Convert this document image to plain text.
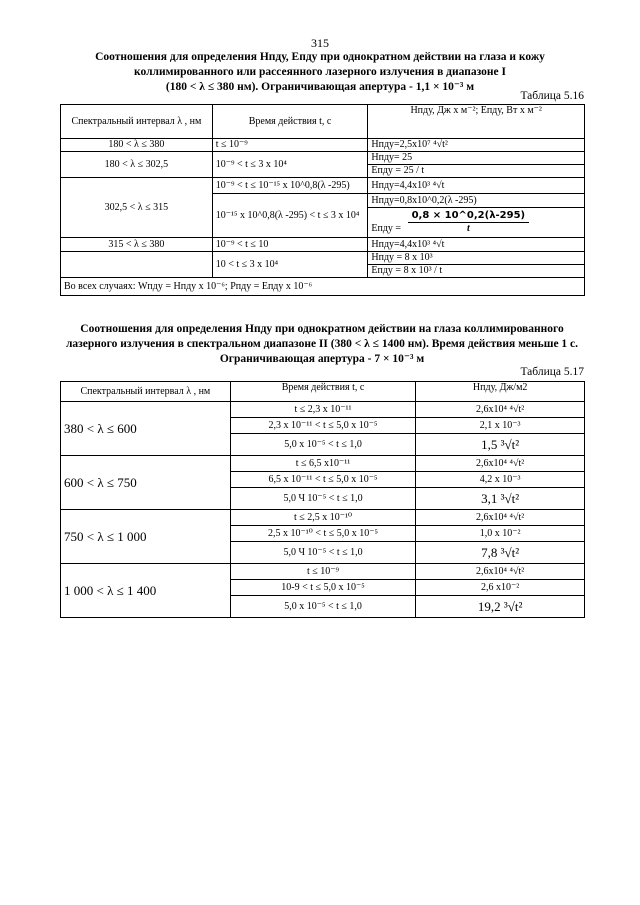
315
Соотношения для определения Нпду, Епду при однократном действии на глаза и кожу
коллимированного или рассеянного лазерного излучения в диапазоне I
(180 < λ ≤ 380 нм). Ограничивающая апертура - 1,1 × 10⁻³ м
Таблица 5.16
Спектральный интервал λ , нм	Время действия t, с	Нпду, Дж х м⁻²; Епду, Вт х м⁻²
180 < λ ≤ 380	t ≤ 10⁻⁹	Нпду=2,5х10⁷ ⁴√t²
180 < λ ≤ 302,5	10⁻⁹ < t ≤ 3 x 10⁴	Нпду= 25
		Епду = 25 / t
302,5 < λ ≤ 315	10⁻⁹ < t ≤ 10⁻¹⁵ х 10^0,8(λ -295)	Нпду=4,4х10³ ⁴√t
	10⁻¹⁵ x 10^0,8(λ -295) < t ≤ 3 x 10⁴	Нпду=0,8х10^0,2(λ -295)
		Епду = $\frac{0,8 \times 10\^{}0,2(\lambda-295)}{t}$

315 < λ ≤ 380	10⁻⁹ < t ≤ 10	Нпду=4,4х10³ ⁴√t
	10 < t ≤ 3 x 10⁴	Нпду = 8 х 10³
		Епду = 8 х 10³ / t
Во всех случаях: Wпду = Нпду х 10⁻⁶; Рпду = Епду х 10⁻⁶		
Соотношения для определения Нпду при однократном действии на глаза коллимированного
лазерного излучения в спектральном диапазоне II (380 < λ ≤ 1400 нм). Время действия меньше 1 с.
Ограничивающая апертура - 7 × 10⁻³ м
Таблица 5.17
Спектральный интервал λ , нм	Время действия t, с	Нпду, Дж/м2
380 < λ ≤ 600	t ≤ 2,3 х 10⁻¹¹	2,6х10⁴ ⁴√t²
	2,3 х 10⁻¹¹ < t ≤ 5,0 х 10⁻⁵	2,1 х 10⁻³
	5,0 х 10⁻⁵ < t ≤ 1,0	1,5 ³√t²
600 < λ ≤ 750	t ≤ 6,5 х10⁻¹¹	2,6х10⁴ ⁴√t²
	6,5 х 10⁻¹¹ < t ≤ 5,0 х 10⁻⁵	4,2 х 10⁻³
	5,0 Ч 10⁻⁵ < t ≤ 1,0	3,1 ³√t²
750 < λ ≤ 1 000	t ≤ 2,5 х 10⁻¹⁰	2,6х10⁴ ⁴√t²
	2,5 х 10⁻¹⁰ < t ≤ 5,0 х 10⁻⁵	1,0 х 10⁻²
	5,0 Ч 10⁻⁵ < t ≤ 1,0	7,8 ³√t²
1 000 < λ ≤ 1 400	t ≤ 10⁻⁹	2,6х10⁴ ⁴√t²
	10-9 < t ≤ 5,0 х 10⁻⁵	2,6 х10⁻²
	5,0 х 10⁻⁵ < t ≤ 1,0	19,2 ³√t²
